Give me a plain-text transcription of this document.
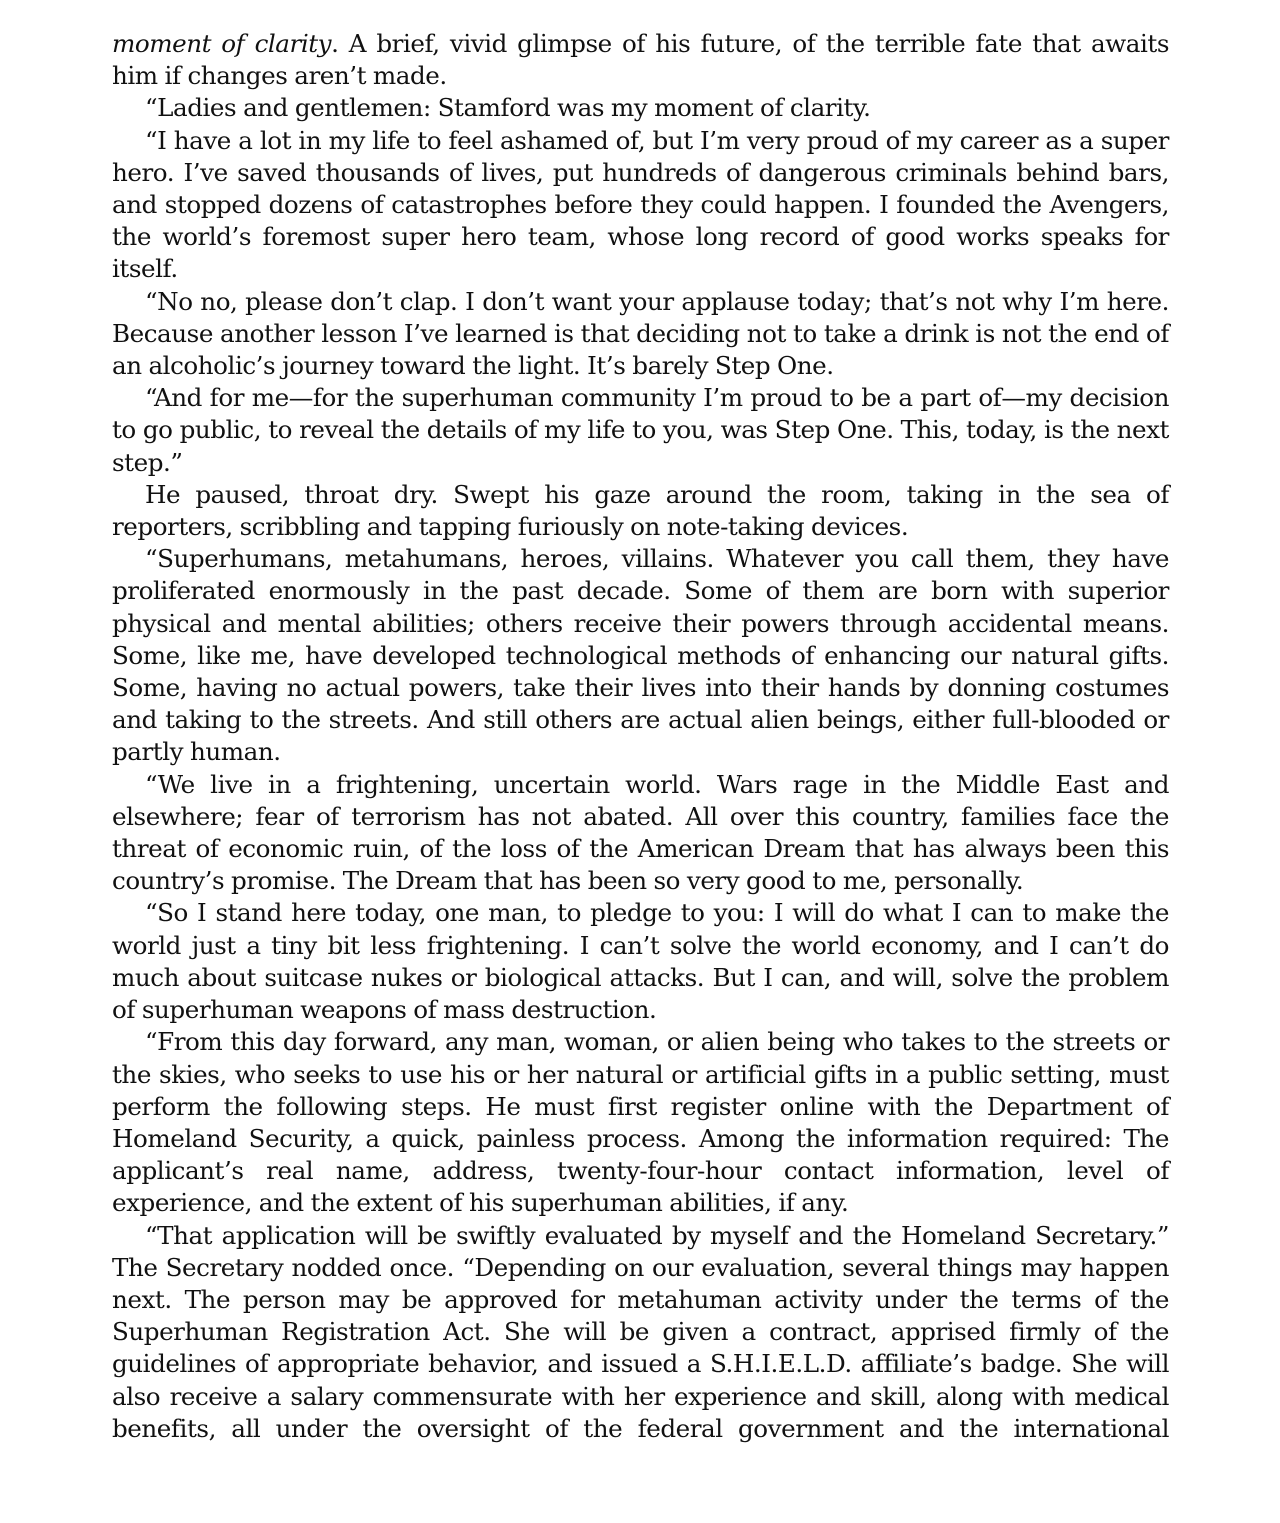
moment of clarity. A brief, vivid glimpse of his future, of the terrible fate that awaits him if changes aren’t made.

“Ladies and gentlemen: Stamford was my moment of clarity.

“I have a lot in my life to feel ashamed of, but I’m very proud of my career as a super hero. I’ve saved thousands of lives, put hundreds of dangerous criminals behind bars, and stopped dozens of catastrophes before they could happen. I founded the Avengers, the world’s foremost super hero team, whose long record of good works speaks for itself.

“No no, please don’t clap. I don’t want your applause today; that’s not why I’m here. Because another lesson I’ve learned is that deciding not to take a drink is not the end of an alcoholic’s journey toward the light. It’s barely Step One.

“And for me—for the superhuman community I’m proud to be a part of—my decision to go public, to reveal the details of my life to you, was Step One. This, today, is the next step.”

He paused, throat dry. Swept his gaze around the room, taking in the sea of reporters, scribbling and tapping furiously on note-taking devices.

“Superhumans, metahumans, heroes, villains. Whatever you call them, they have proliferated enormously in the past decade. Some of them are born with superior physical and mental abilities; others receive their powers through accidental means. Some, like me, have developed technological methods of enhancing our natural gifts. Some, having no actual powers, take their lives into their hands by donning costumes and taking to the streets. And still others are actual alien beings, either full-blooded or partly human.

“We live in a frightening, uncertain world. Wars rage in the Middle East and elsewhere; fear of terrorism has not abated. All over this country, families face the threat of economic ruin, of the loss of the American Dream that has always been this country’s promise. The Dream that has been so very good to me, personally.

“So I stand here today, one man, to pledge to you: I will do what I can to make the world just a tiny bit less frightening. I can’t solve the world economy, and I can’t do much about suitcase nukes or biological attacks. But I can, and will, solve the problem of superhuman weapons of mass destruction.

“From this day forward, any man, woman, or alien being who takes to the streets or the skies, who seeks to use his or her natural or artificial gifts in a public setting, must perform the following steps. He must first register online with the Department of Homeland Security, a quick, painless process. Among the information required: The applicant’s real name, address, twenty-four-hour contact information, level of experience, and the extent of his superhuman abilities, if any.

“That application will be swiftly evaluated by myself and the Homeland Secretary.” The Secretary nodded once. “Depending on our evaluation, several things may happen next. The person may be approved for metahuman activity under the terms of the Superhuman Registration Act. She will be given a contract, apprised firmly of the guidelines of appropriate behavior, and issued a S.H.I.E.L.D. affiliate’s badge. She will also receive a salary commensurate with her experience and skill, along with medical benefits, all under the oversight of the federal government and the international
